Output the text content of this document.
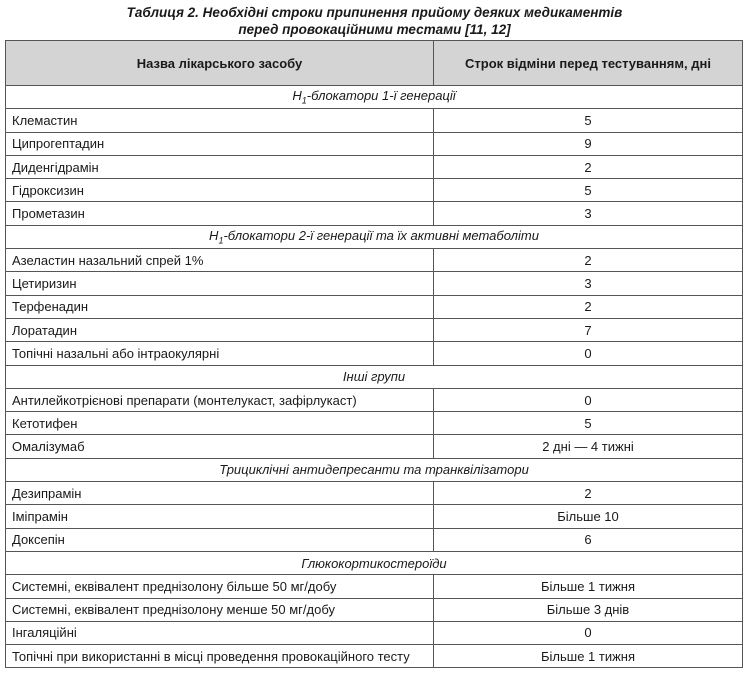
Таблиця 2. Необхідні строки припинення прийому деяких медикаментів
перед провокаційними тестами [11, 12]
Назва лікарського засобу	Строк відміни перед тестуванням, дні
$H_1$-блокатори 1-ї генерації	
Клемастин	5
Ципрогептадин	9
Диденгідрамін	2
Гідроксизин	5
Прометазин	3
$H_1$-блокатори 2-ї генерації та їх активні метаболіти	
Азеластин назальний спрей 1%	2
Цетиризин	3
Терфенадин	2
Лоратадин	7
Топічні назальні або інтраокулярні	0
Інші групи	
Антилейкотрієнові препарати (монтелукаст, зафірлукаст)	0
Кетотифен	5
Омалізумаб	2 дні — 4 тижні
Трициклічні антидепресанти та транквілізатори	
Дезипрамін	2
Іміпрамін	Більше 10
Доксепін	6
Глюкокортикостероїди	
Системні, еквівалент преднізолону більше 50 мг/добу	Більше 1 тижня
Системні, еквівалент преднізолону менше 50 мг/добу	Більше 3 днів
Інгаляційні	0
Топічні при використанні в місці проведення провокаційного тесту	Більше 1 тижня
